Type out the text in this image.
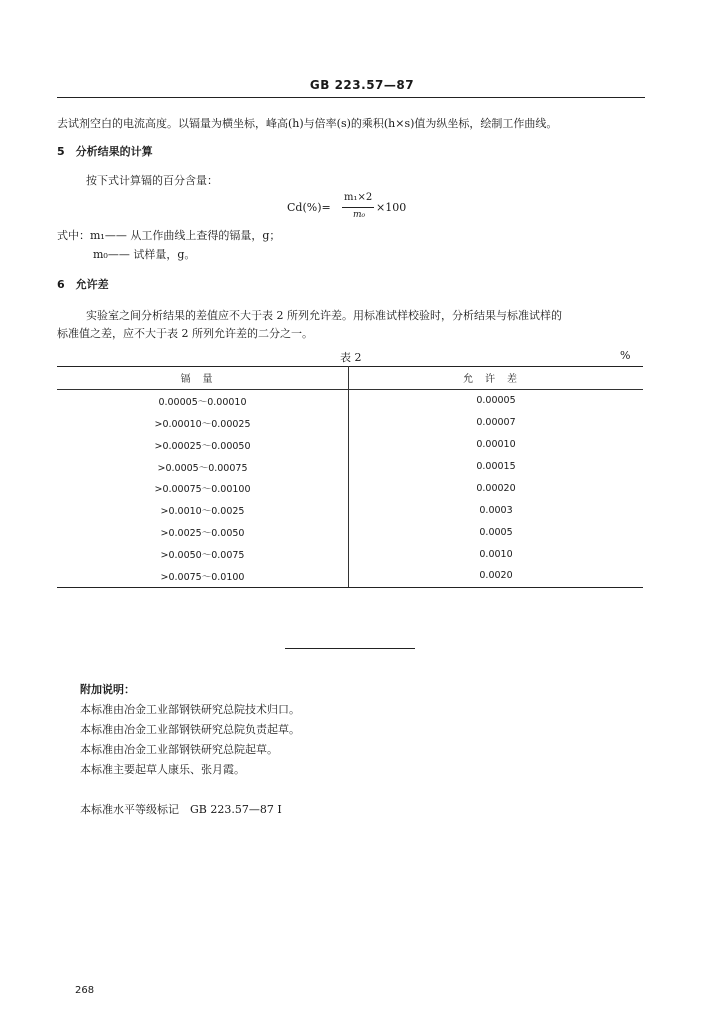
GB 223.57—87
去试剂空白的电流高度。以镉量为横坐标，峰高(h)与倍率(s)的乘积(h×s)值为纵坐标，绘制工作曲线。
5　分析结果的计算
按下式计算镉的百分含量：
Cd(%)=
m₁×2
m₀
×100
式中：m₁—— 从工作曲线上查得的镉量，g；
m₀—— 试样量，g。
6　允许差
实验室之间分析结果的差值应不大于表 2 所列允许差。用标准试样校验时，分析结果与标准试样的
标准值之差，应不大于表 2 所列允许差的二分之一。
表 2	%
镉量	允许差
0.00005～0.00010	0.00005
>0.00010～0.00025	0.00007
>0.00025～0.00050	0.00010
>0.0005～0.00075	0.00015
>0.00075～0.00100	0.00020
>0.0010～0.0025	0.0003
>0.0025～0.0050	0.0005
>0.0050～0.0075	0.0010
>0.0075～0.0100	0.0020
附加说明：
本标准由冶金工业部钢铁研究总院技术归口。
本标准由冶金工业部钢铁研究总院负责起草。
本标准由冶金工业部钢铁研究总院起草。
本标准主要起草人康乐、张月霞。
本标准水平等级标记　GB 223.57—87 I
268
